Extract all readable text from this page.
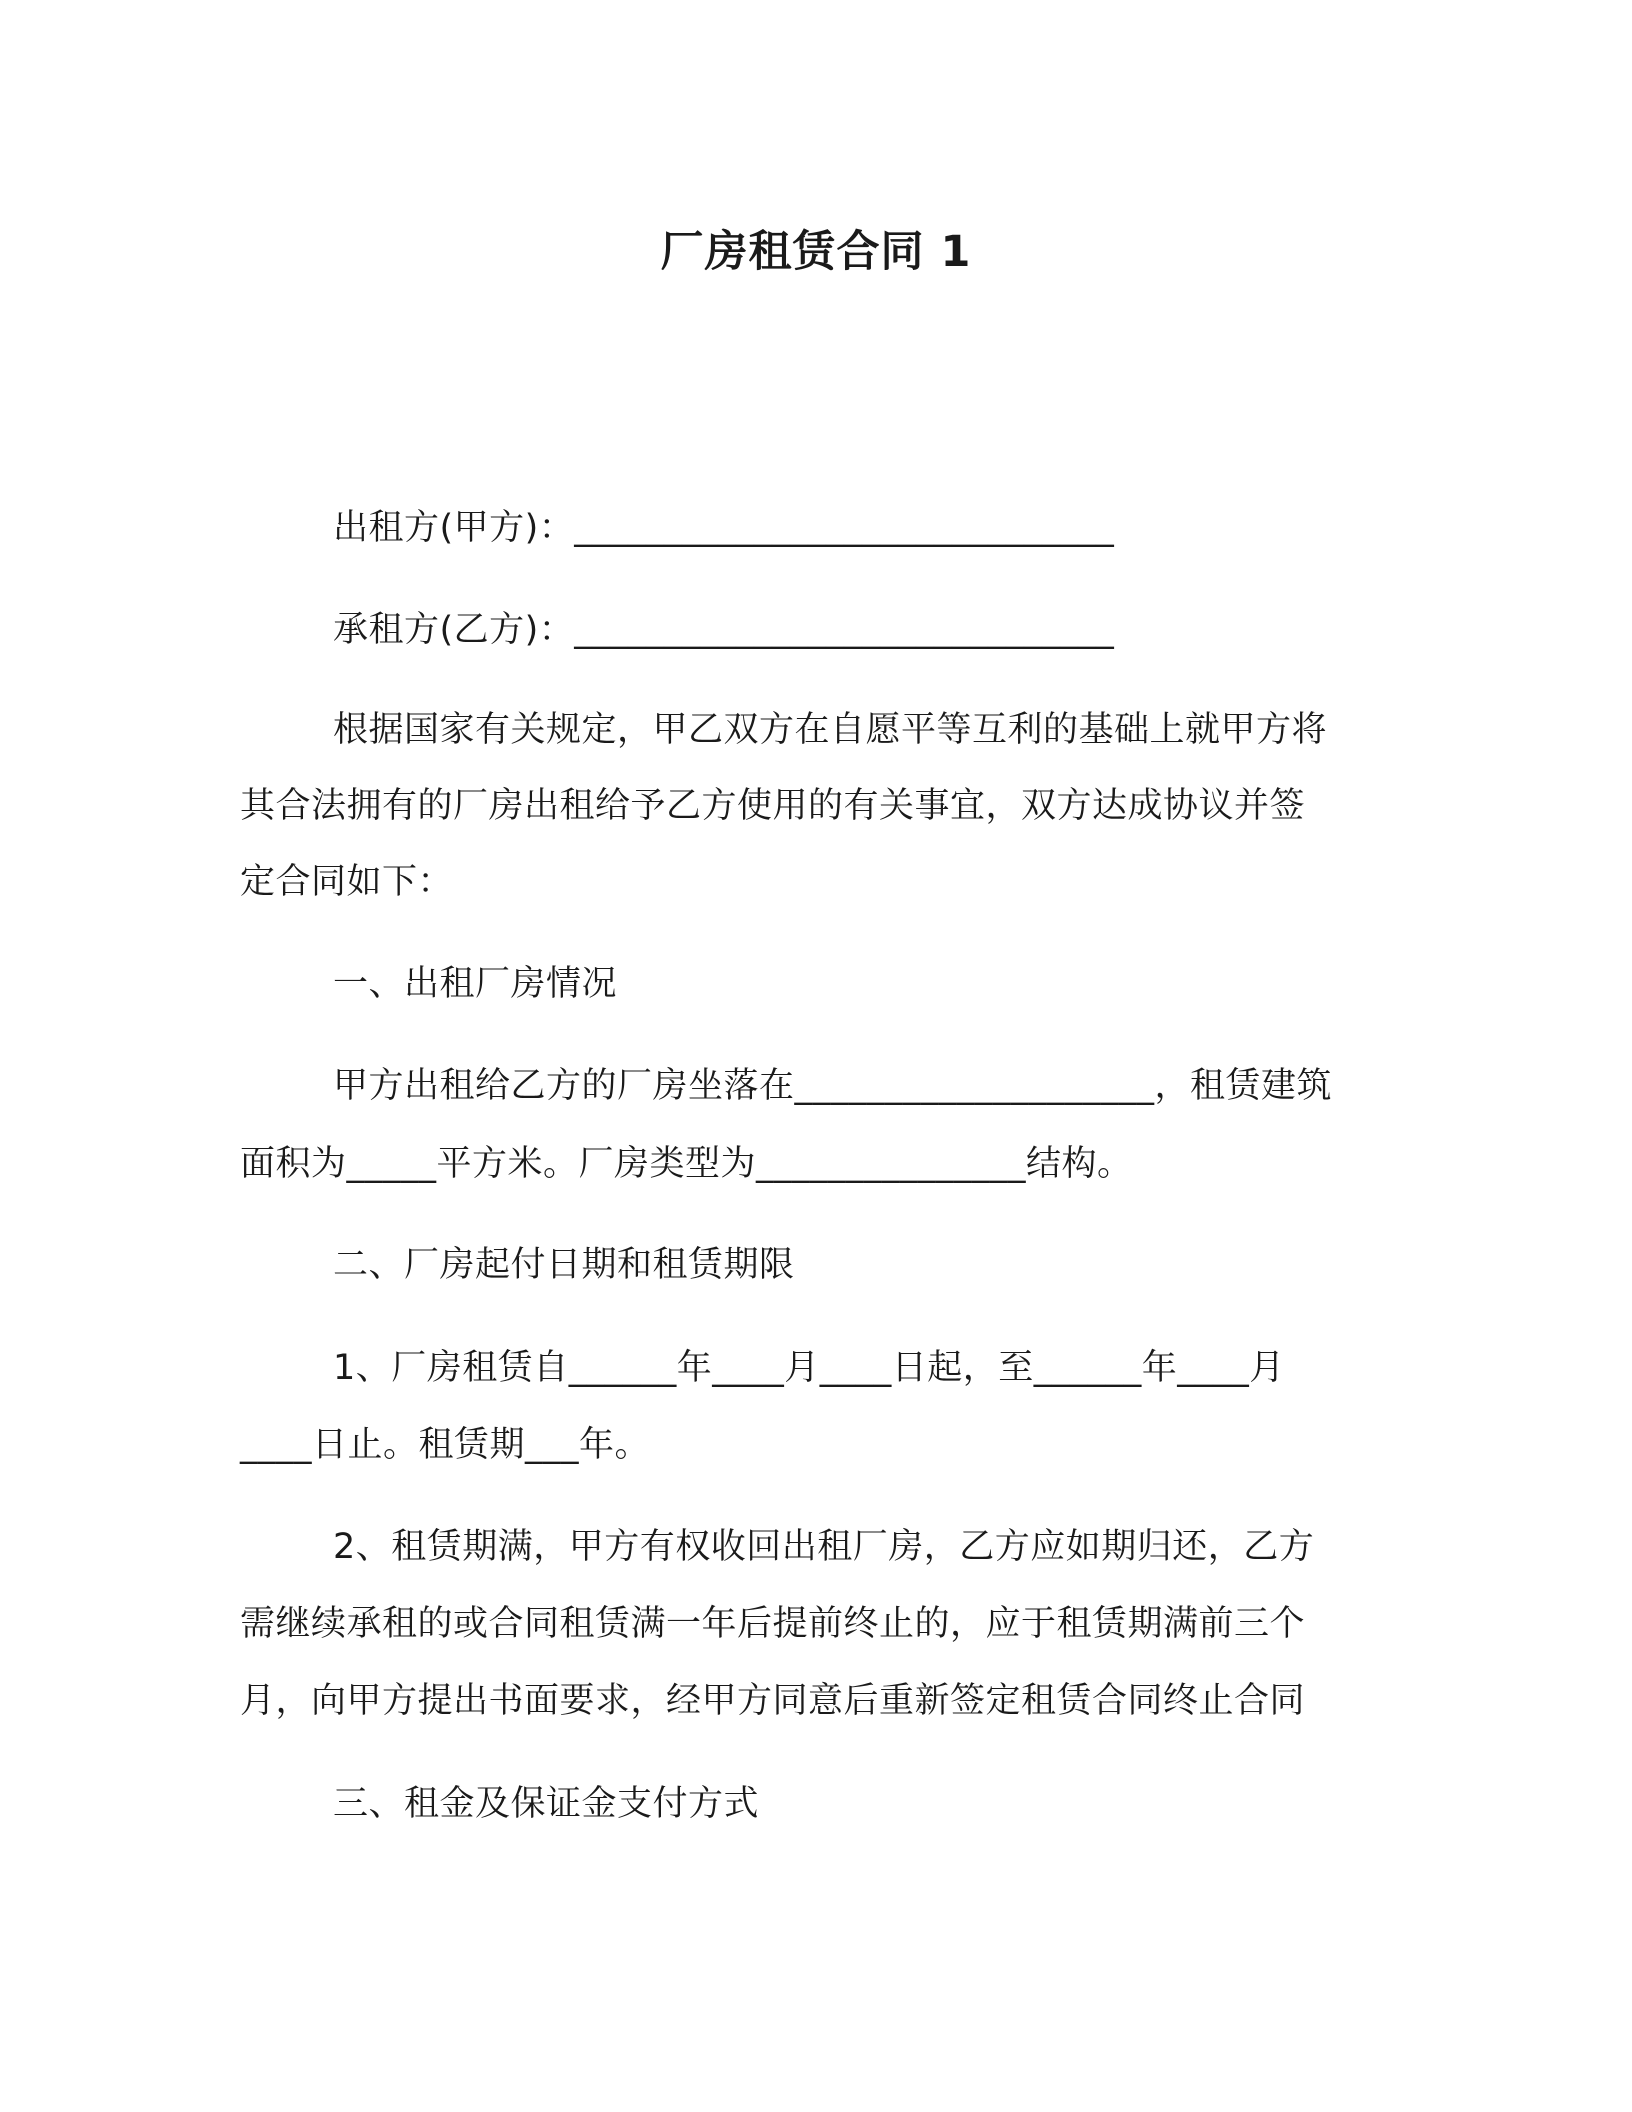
厂房租赁合同 1
出租方(甲方)：______________________________
承租方(乙方)：______________________________
根据国家有关规定，甲乙双方在自愿平等互利的基础上就甲方将
其合法拥有的厂房出租给予乙方使用的有关事宜，双方达成协议并签
定合同如下：
一、出租厂房情况
甲方出租给乙方的厂房坐落在____________________，租赁建筑
面积为_____平方米。厂房类型为_______________结构。
二、厂房起付日期和租赁期限
1、厂房租赁自______年____月____日起，至______年____月
____日止。租赁期___年。
2、租赁期满，甲方有权收回出租厂房，乙方应如期归还，乙方
需继续承租的或合同租赁满一年后提前终止的，应于租赁期满前三个
月，向甲方提出书面要求，经甲方同意后重新签定租赁合同终止合同
三、租金及保证金支付方式
